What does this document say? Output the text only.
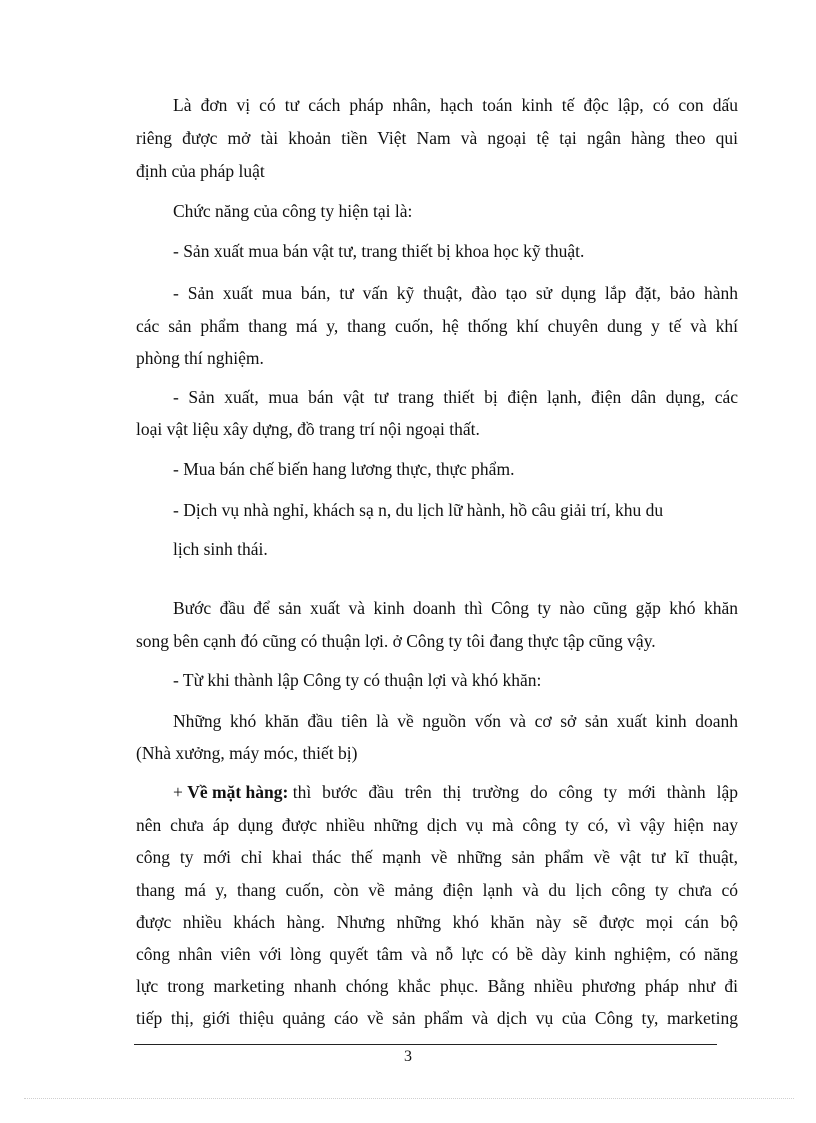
Là đơn vị có tư cách pháp nhân, hạch toán kinh tế độc lập, có con dấu
riêng được mở tài khoản tiền Việt Nam và ngoại tệ tại ngân hàng theo qui
định của pháp luật
Chức năng của công ty hiện tại là:
- Sản xuất mua bán vật tư, trang thiết bị khoa học kỹ thuật.
- Sản xuất mua bán, tư vấn kỹ thuật, đào tạo sử dụng lắp đặt, bảo hành
các sản phẩm thang má y, thang cuốn, hệ thống khí chuyên dung y tế và khí
phòng thí nghiệm.
- Sản xuất, mua bán vật tư trang thiết bị điện lạnh, điện dân dụng, các
loại vật liệu xây dựng, đồ trang trí nội ngoại thất.
- Mua bán chế biến hang lương thực, thực phẩm.
- Dịch vụ nhà nghỉ, khách sạ n, du lịch lữ hành, hồ câu giải trí, khu du
lịch sinh thái.
Bước đầu để sản xuất và kinh doanh thì Công ty nào cũng gặp khó khăn
song bên cạnh đó cũng có thuận lợi. ở Công ty tôi đang thực tập cũng vậy.
- Từ khi thành lập Công ty có thuận lợi và khó khăn:
Những khó khăn đầu tiên là về nguồn vốn và cơ sở sản xuất kinh doanh
(Nhà xưởng, máy móc, thiết bị)
+ Về mặt hàng:
thì bước đầu trên thị trường do công ty mới thành lập
nên chưa áp dụng được nhiều những dịch vụ mà công ty có, vì vậy hiện nay
công ty mới chỉ khai thác thế mạnh về những sản phẩm về vật tư kĩ thuật,
thang má y, thang cuốn, còn về mảng điện lạnh và du lịch công ty chưa có
được nhiều khách hàng. Nhưng những khó khăn này sẽ được mọi cán bộ
công nhân viên với lòng quyết tâm và nỗ lực có bề dày kinh nghiệm, có năng
lực trong marketing nhanh chóng khắc phục. Bằng nhiều phương pháp như đi
tiếp thị, giới thiệu quảng cáo về sản phẩm và dịch vụ của Công ty, marketing
3
